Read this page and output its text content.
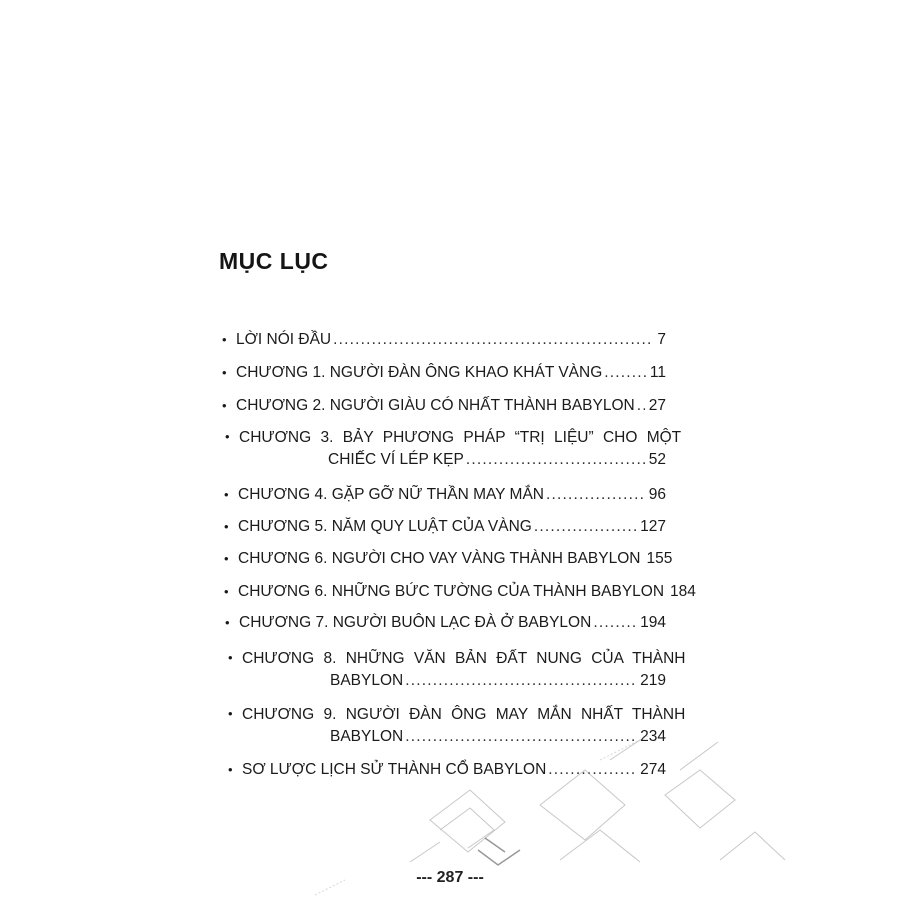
MỤC LỤC
• LỜI NÓI ĐẦU .....	7
• CHƯƠNG 1. NGƯỜI ĐÀN ÔNG KHAO KHÁT VÀNG .....	11
• CHƯƠNG 2. NGƯỜI GIÀU CÓ NHẤT THÀNH BABYLON ..... 27
• CHƯƠNG 3. BẢY PHƯƠNG PHÁP “TRỊ LIỆU” CHO MỘT
CHIẾC VÍ LÉP KẸP .....	52
• CHƯƠNG 4. GẶP GỠ NỮ THẦN MAY MẮN .....	96
• CHƯƠNG 5. NĂM QUY LUẬT CỦA VÀNG .....	127
• CHƯƠNG 6. NGƯỜI CHO VAY VÀNG THÀNH BABYLON 155
• CHƯƠNG 6. NHỮNG BỨC TƯỜNG CỦA THÀNH BABYLON 184
• CHƯƠNG 7. NGƯỜI BUÔN LẠC ĐÀ Ở BABYLON .....	194
• CHƯƠNG 8. NHỮNG VĂN BẢN ĐẤT NUNG CỦA THÀNH
BABYLON .....	219
• CHƯƠNG 9. NGƯỜI ĐÀN ÔNG MAY MẮN NHẤT THÀNH
BABYLON .....	234
• SƠ LƯỢC LỊCH SỬ THÀNH CỔ BABYLON .....	274
--- 287 ---
